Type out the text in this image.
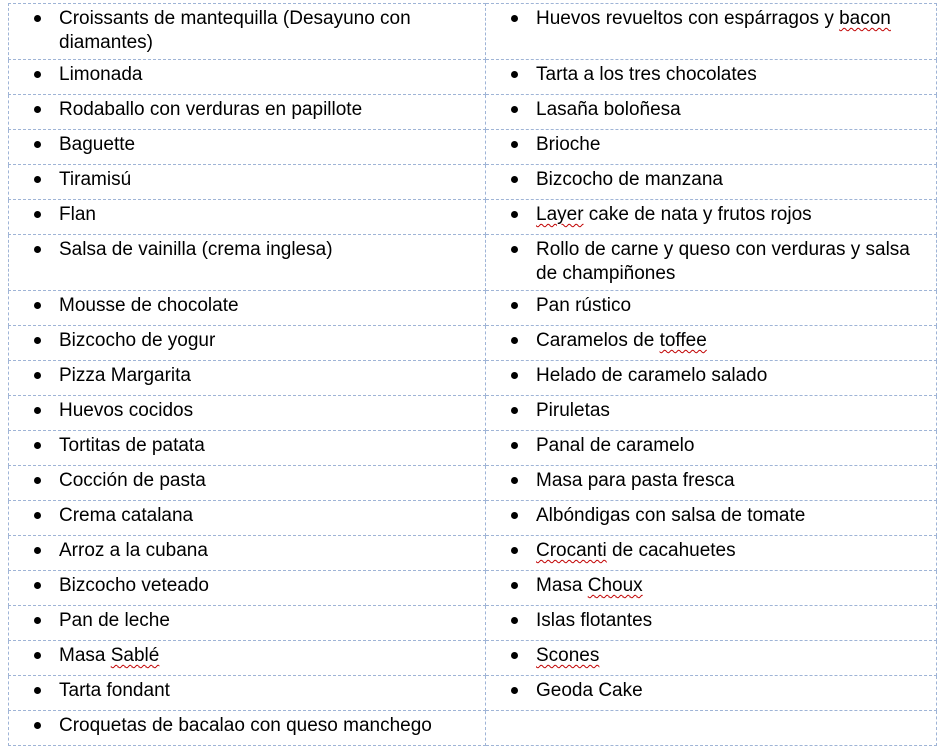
Croissants de mantequilla (Desayuno con diamantes)	Huevos revueltos con espárragos y bacon

Limonada	Tarta a los tres chocolates

Rodaballo con verduras en papillote	Lasaña boloñesa

Baguette	Brioche

Tiramisú	Bizcocho de manzana

Flan	Layer cake de nata y frutos rojos

Salsa de vainilla (crema inglesa)	Rollo de carne y queso con verduras y salsa de champiñones

Mousse de chocolate	Pan rústico

Bizcocho de yogur	Caramelos de toffee

Pizza Margarita	Helado de caramelo salado

Huevos cocidos	Piruletas

Tortitas de patata	Panal de caramelo

Cocción de pasta	Masa para pasta fresca

Crema catalana	Albóndigas con salsa de tomate

Arroz a la cubana	Crocanti de cacahuetes

Bizcocho veteado	Masa Choux

Pan de leche	Islas flotantes

Masa Sablé	Scones

Tarta fondant	Geoda Cake

Croquetas de bacalao con queso manchego	
